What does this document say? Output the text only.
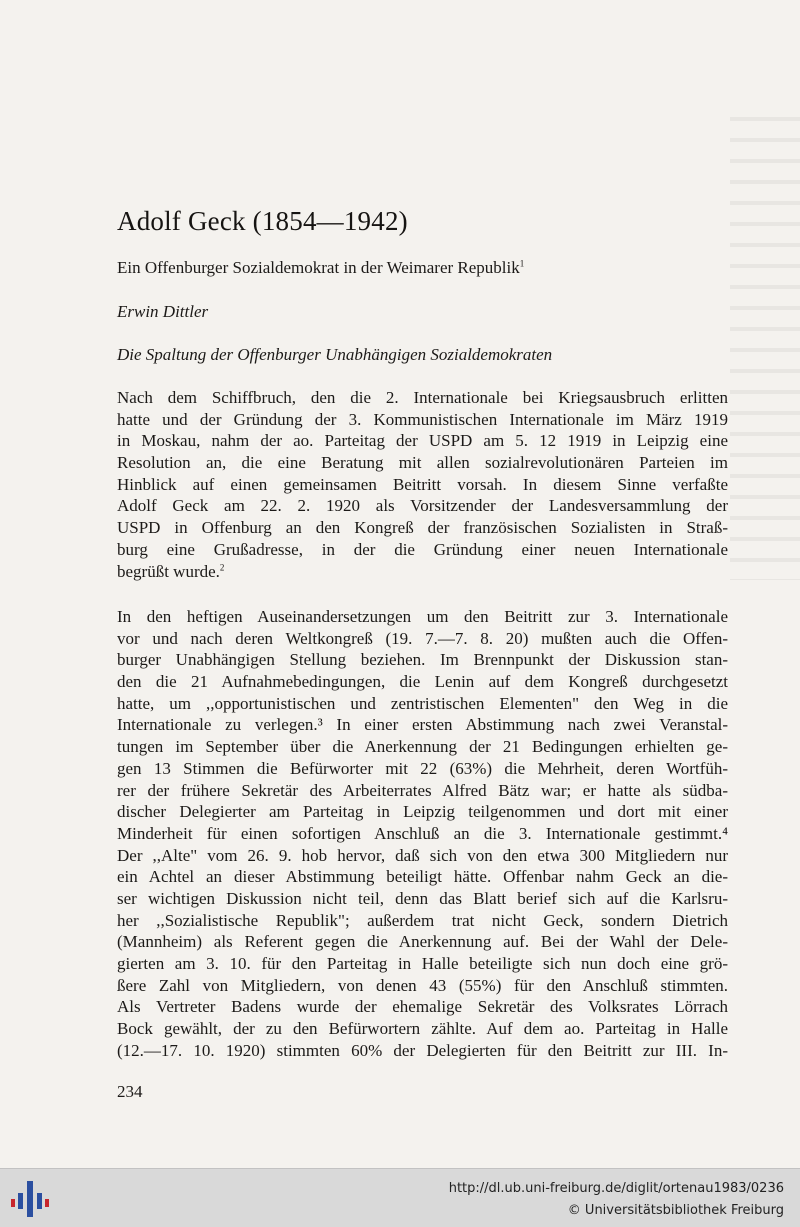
Adolf Geck (1854—1942)
Ein Offenburger Sozialdemokrat in der Weimarer Republik$^1$
Erwin Dittler
Die Spaltung der Offenburger Unabhängigen Sozialdemokraten
Nach dem Schiffbruch, den die 2. Internationale bei Kriegsausbruch erlitten
hatte und der Gründung der 3. Kommunistischen Internationale im März 1919
in Moskau, nahm der ao. Parteitag der USPD am 5. 12 1919 in Leipzig eine
Resolution an, die eine Beratung mit allen sozialrevolutionären Parteien im
Hinblick auf einen gemeinsamen Beitritt vorsah. In diesem Sinne verfaßte
Adolf Geck am 22. 2. 1920 als Vorsitzender der Landesversammlung der
USPD in Offenburg an den Kongreß der französischen Sozialisten in Straß-
burg eine Grußadresse, in der die Gründung einer neuen Internationale
begrüßt wurde.$^2$
In den heftigen Auseinandersetzungen um den Beitritt zur 3. Internationale
vor und nach deren Weltkongreß (19. 7.—7. 8. 20) mußten auch die Offen-
burger Unabhängigen Stellung beziehen. Im Brennpunkt der Diskussion stan-
den die 21 Aufnahmebedingungen, die Lenin auf dem Kongreß durchgesetzt
hatte, um ,,opportunistischen und zentristischen Elementen" den Weg in die
Internationale zu verlegen.³ In einer ersten Abstimmung nach zwei Veranstal-
tungen im September über die Anerkennung der 21 Bedingungen erhielten ge-
gen 13 Stimmen die Befürworter mit 22 (63%) die Mehrheit, deren Wortfüh-
rer der frühere Sekretär des Arbeiterrates Alfred Bätz war; er hatte als südba-
discher Delegierter am Parteitag in Leipzig teilgenommen und dort mit einer
Minderheit für einen sofortigen Anschluß an die 3. Internationale gestimmt.⁴
Der ,,Alte" vom 26. 9. hob hervor, daß sich von den etwa 300 Mitgliedern nur
ein Achtel an dieser Abstimmung beteiligt hätte. Offenbar nahm Geck an die-
ser wichtigen Diskussion nicht teil, denn das Blatt berief sich auf die Karlsru-
her ,,Sozialistische Republik"; außerdem trat nicht Geck, sondern Dietrich
(Mannheim) als Referent gegen die Anerkennung auf. Bei der Wahl der Dele-
gierten am 3. 10. für den Parteitag in Halle beteiligte sich nun doch eine grö-
ßere Zahl von Mitgliedern, von denen 43 (55%) für den Anschluß stimmten.
Als Vertreter Badens wurde der ehemalige Sekretär des Volksrates Lörrach
Bock gewählt, der zu den Befürwortern zählte. Auf dem ao. Parteitag in Halle
(12.—17. 10. 1920) stimmten 60% der Delegierten für den Beitritt zur III. In-
234
http://dl.ub.uni-freiburg.de/diglit/ortenau1983/0236
© Universitätsbibliothek Freiburg
